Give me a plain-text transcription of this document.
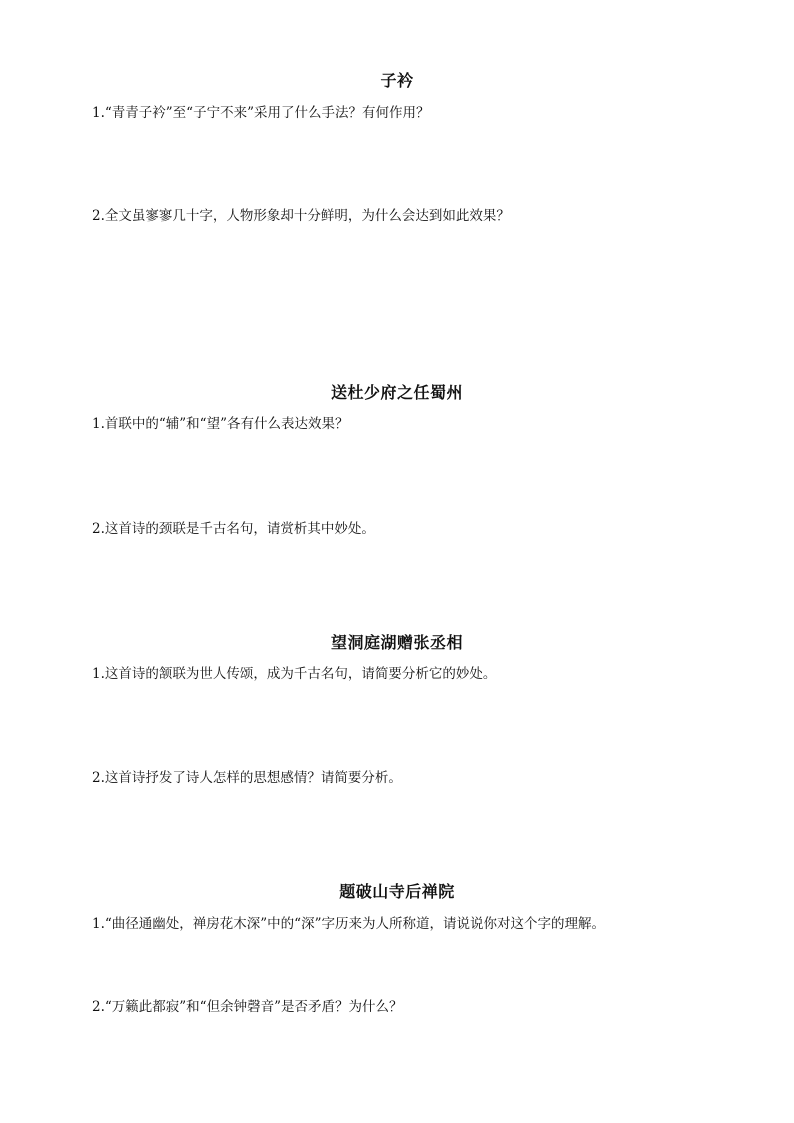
子衿
1.“青青子衿”至“子宁不来”采用了什么手法？有何作用？
2.全文虽寥寥几十字，人物形象却十分鲜明，为什么会达到如此效果？
送杜少府之任蜀州
1.首联中的“辅”和“望”各有什么表达效果？
2.这首诗的颈联是千古名句，请赏析其中妙处。
望洞庭湖赠张丞相
1.这首诗的颔联为世人传颂，成为千古名句，请简要分析它的妙处。
2.这首诗抒发了诗人怎样的思想感情？请简要分析。
题破山寺后禅院
1.“曲径通幽处，禅房花木深”中的“深”字历来为人所称道，请说说你对这个字的理解。
2.“万籁此都寂”和“但余钟磬音”是否矛盾？为什么？
